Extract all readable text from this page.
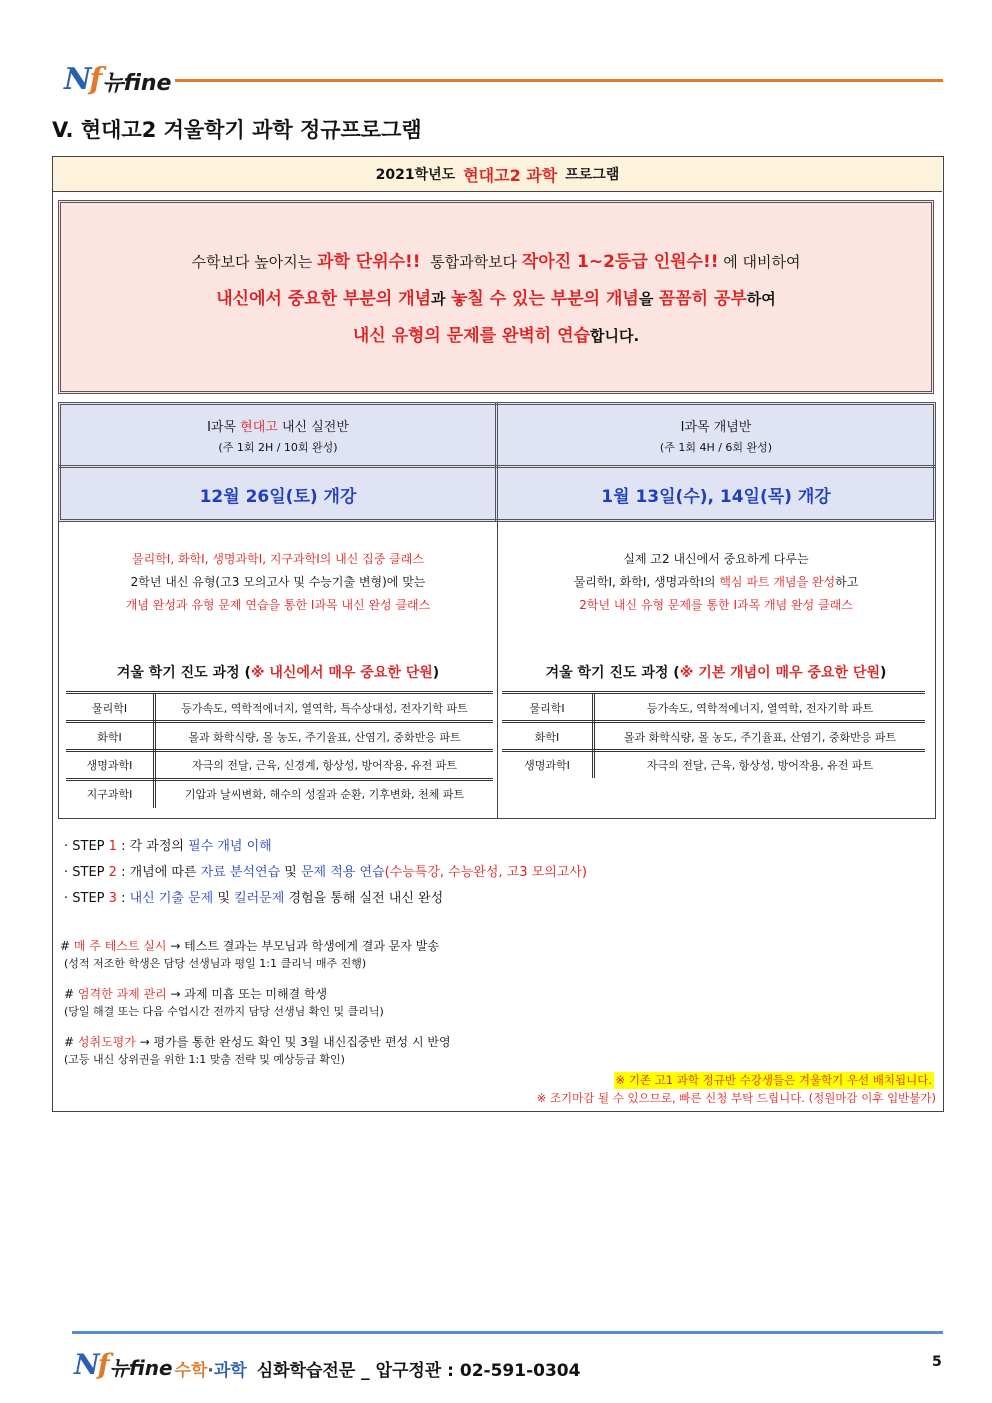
Nf 뉴fine
V. 현대고2 겨울학기 과학 정규프로그램
2021학년도 현대고2 과학 프로그램
수학보다 높아지는 과학 단위수!! 통합과학보다 작아진 1~2등급 인원수!! 에 대비하여
내신에서 중요한 부분의 개념과 놓칠 수 있는 부분의 개념을 꼼꼼히 공부하여
내신 유형의 문제를 완벽히 연습합니다.
Ⅰ과목 현대고 내신 실전반
(주 1회 2H / 10회 완성)
12월 26일(토) 개강
Ⅰ과목 개념반
(주 1회 4H / 6회 완성)
1월 13일(수), 14일(목) 개강
물리학Ⅰ, 화학Ⅰ, 생명과학Ⅰ, 지구과학Ⅰ의 내신 집중 클래스
2학년 내신 유형(고3 모의고사 및 수능기출 변형)에 맞는
개념 완성과 유형 문제 연습을 통한 Ⅰ과목 내신 완성 클래스
실제 고2 내신에서 중요하게 다루는
물리학Ⅰ, 화학Ⅰ, 생명과학Ⅰ의 핵심 파트 개념을 완성하고
2학년 내신 유형 문제를 통한 Ⅰ과목 개념 완성 클래스
겨울 학기 진도 과정 (※ 내신에서 매우 중요한 단원)	겨울 학기 진도 과정 (※ 기본 개념이 매우 중요한 단원)
물리학Ⅰ	등가속도, 역학적에너지, 열역학, 특수상대성, 전자기학 파트
화학Ⅰ	몰과 화학식량, 몰 농도, 주기율표, 산염기, 중화반응 파트
생명과학Ⅰ	자극의 전달, 근육, 신경계, 항상성, 방어작용, 유전 파트
지구과학Ⅰ	기압과 날씨변화, 해수의 성질과 순환, 기후변화, 천체 파트
물리학Ⅰ	등가속도, 역학적에너지, 열역학, 전자기학 파트
화학Ⅰ	몰과 화학식량, 몰 농도, 주기율표, 산염기, 중화반응 파트
생명과학Ⅰ	자극의 전달, 근육, 항상성, 방어작용, 유전 파트
· STEP 1 : 각 과정의 필수 개념 이해
· STEP 2 : 개념에 따른 자료 분석연습 및 문제 적용 연습(수능특강, 수능완성, 고3 모의고사)
· STEP 3 : 내신 기출 문제 및 킬러문제 경험을 통해 실전 내신 완성
# 매 주 테스트 실시 → 테스트 결과는 부모님과 학생에게 결과 문자 발송
(성적 저조한 학생은 담당 선생님과 평일 1:1 클리닉 매주 진행)
# 엄격한 과제 관리 → 과제 미흡 또는 미해결 학생
(당일 해결 또는 다음 수업시간 전까지 담당 선생님 확인 및 클리닉)
# 성취도평가 → 평가를 통한 완성도 확인 및 3월 내신집중반 편성 시 반영
(고등 내신 상위권을 위한 1:1 맞춤 전략 및 예상등급 확인)
※ 기존 고1 과학 정규반 수강생들은 겨울학기 우선 배치됩니다.
※ 조기마감 될 수 있으므로, 빠른 신청 부탁 드립니다. (정원마감 이후 입반불가)
Nf 뉴fine 수학·과학 심화학습전문 _ 압구정관 : 02-591-0304	5
